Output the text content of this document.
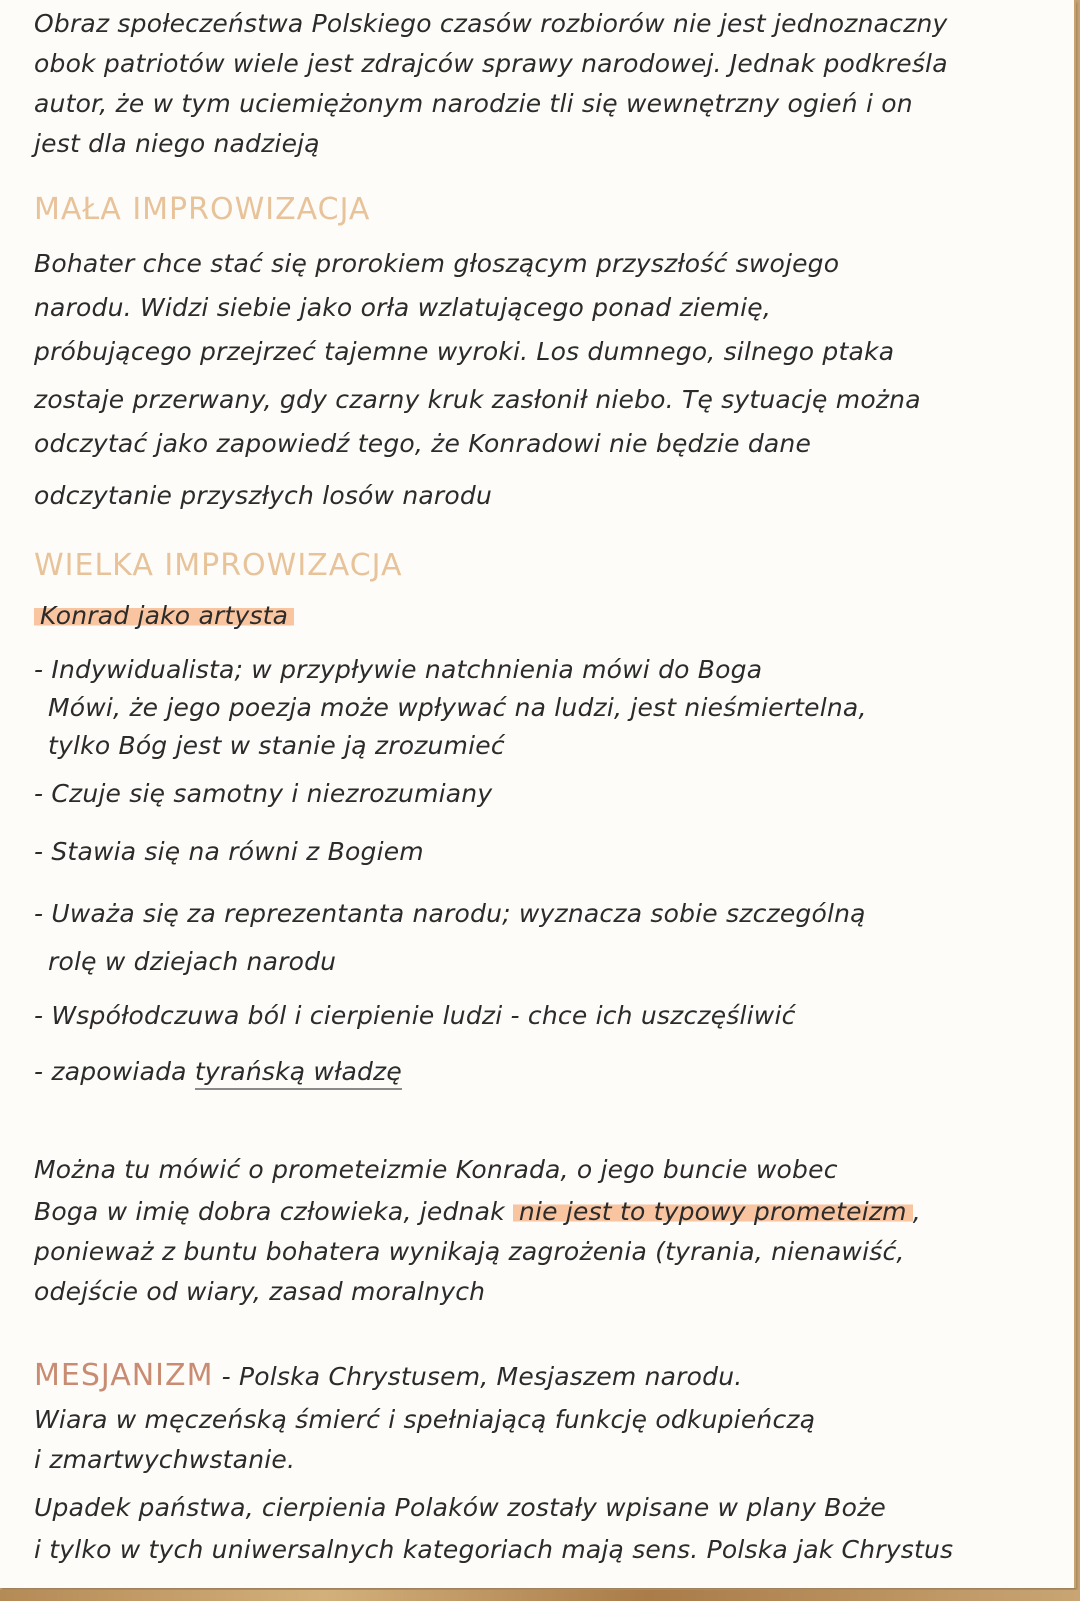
Obraz społeczeństwa Polskiego czasów rozbiorów nie jest jednoznaczny
obok patriotów wiele jest zdrajców sprawy narodowej. Jednak podkreśla
autor, że w tym uciemiężonym narodzie tli się wewnętrzny ogień i on
jest dla niego nadzieją
MAŁA IMPROWIZACJA
Bohater chce stać się prorokiem głoszącym przyszłość swojego
narodu. Widzi siebie jako orła wzlatującego ponad ziemię,
próbującego przejrzeć tajemne wyroki. Los dumnego, silnego ptaka
zostaje przerwany, gdy czarny kruk zasłonił niebo. Tę sytuację można
odczytać jako zapowiedź tego, że Konradowi nie będzie dane
odczytanie przyszłych losów narodu
WIELKA IMPROWIZACJA
Konrad jako artysta
- Indywidualista; w przypływie natchnienia mówi do Boga
Mówi, że jego poezja może wpływać na ludzi, jest nieśmiertelna,
tylko Bóg jest w stanie ją zrozumieć
- Czuje się samotny i niezrozumiany
- Stawia się na równi z Bogiem
- Uważa się za reprezentanta narodu; wyznacza sobie szczególną
rolę w dziejach narodu
- Współodczuwa ból i cierpienie ludzi - chce ich uszczęśliwić
- zapowiada tyrańską władzę
Można tu mówić o prometeizmie Konrada, o jego buncie wobec
Boga w imię dobra człowieka, jednak nie jest to typowy prometeizm ,
ponieważ z buntu bohatera wynikają zagrożenia (tyrania, nienawiść,
odejście od wiary, zasad moralnych
MESJANIZM - Polska Chrystusem, Mesjaszem narodu.
Wiara w męczeńską śmierć i spełniającą funkcję odkupieńczą
i zmartwychwstanie.
Upadek państwa, cierpienia Polaków zostały wpisane w plany Boże
i tylko w tych uniwersalnych kategoriach mają sens. Polska jak Chrystus
